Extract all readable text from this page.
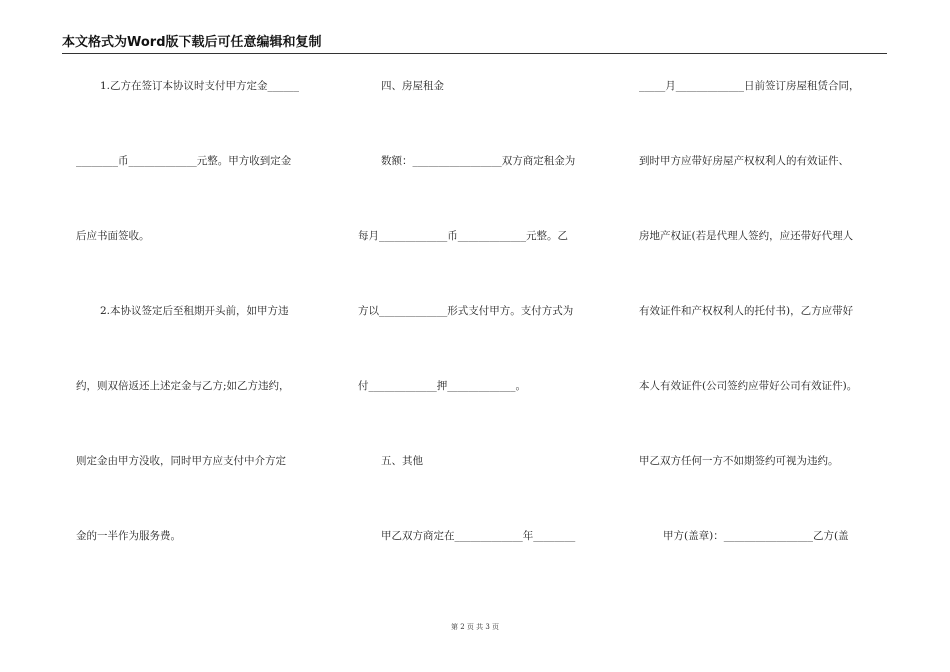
本文格式为Word版下载后可任意编辑和复制
1.乙方在签订本协议时支付甲方定金______
________币_____________元整。甲方收到定金
后应书面签收。
2.本协议签定后至租期开头前，如甲方违
约，则双倍返还上述定金与乙方;如乙方违约，
则定金由甲方没收，同时甲方应支付中介方定
金的一半作为服务费。
四、房屋租金
数额：_________________双方商定租金为
每月_____________币_____________元整。乙
方以_____________形式支付甲方。支付方式为
付_____________押_____________。
五、其他
甲乙双方商定在_____________年________
_____月_____________日前签订房屋租赁合同，
到时甲方应带好房屋产权权利人的有效证件、
房地产权证(若是代理人签约，应还带好代理人
有效证件和产权权利人的托付书)，乙方应带好
本人有效证件(公司签约应带好公司有效证件)。
甲乙双方任何一方不如期签约可视为违约。
甲方(盖章)：_________________乙方(盖
第 2 页 共 3 页
